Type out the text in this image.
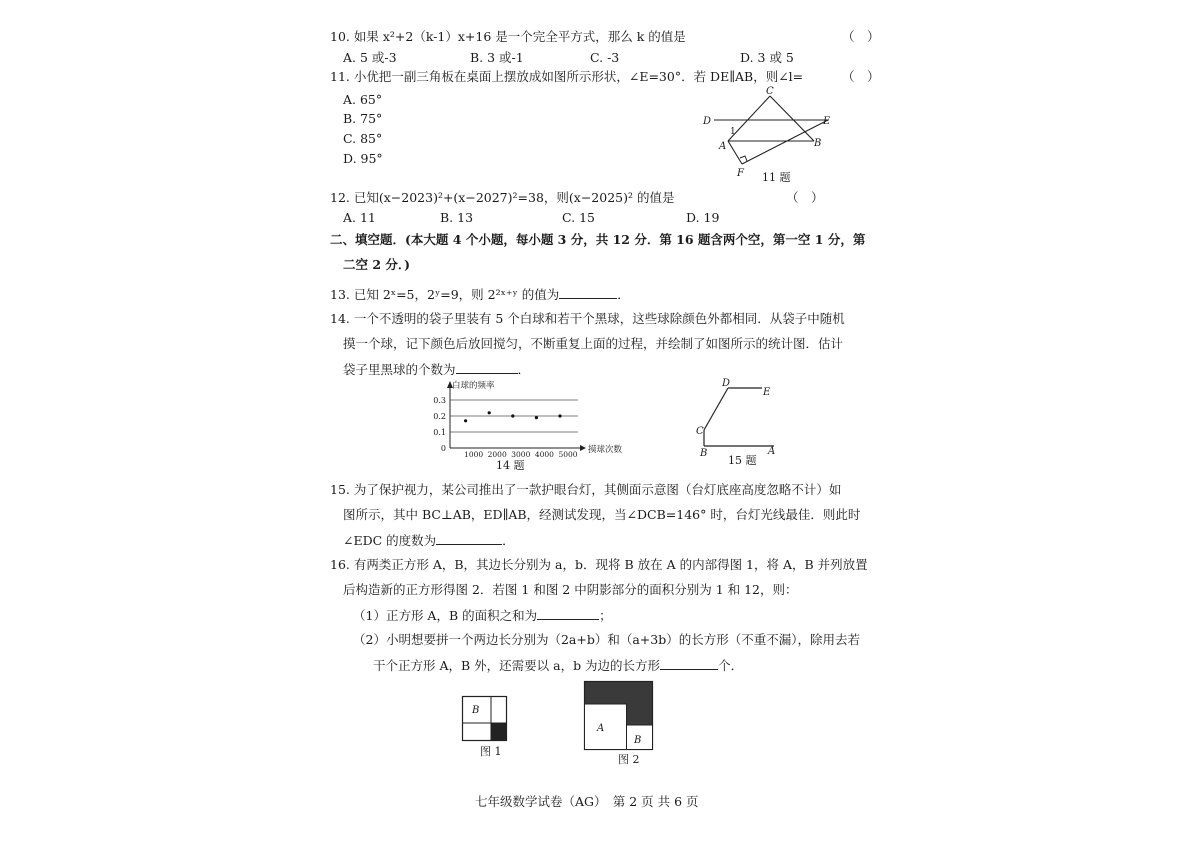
10. 如果 x²+2（k-1）x+16 是一个完全平方式，那么 k 的值是	（　）
A. 5 或-3	B. 3 或-1	C. -3	D. 3 或 5
11. 小优把一副三角板在桌面上摆放成如图所示形状，∠E=30°．若 DE∥AB，则∠l=	（　）
A. 65°
B. 75°
C. 85°
D. 95°
C
D	E
1
A	B
F 11 题
12. 已知(x−2023)²+(x−2027)²=38，则(x−2025)² 的值是	（　）
A. 11	B. 13	C. 15	D. 19
二、填空题．(本大题 4 个小题，每小题 3 分，共 12 分．第 16 题含两个空，第一空 1 分，第
二空 2 分．)
13. 已知 2ˣ=5，2ʸ=9，则 2²ˣ⁺ʸ 的值为	．
14. 一个不透明的袋子里装有 5 个白球和若干个黑球，这些球除颜色外都相同．从袋子中随机
摸一个球，记下颜色后放回搅匀，不断重复上面的过程，并绘制了如图所示的统计图．估计
袋子里黑球的个数为	．
0.3
0.2
0.1
0
1000 2000 3000 4000 5000
白球的频率
摸球次数
14 题
D
E
C
B	A
15 题
15. 为了保护视力，某公司推出了一款护眼台灯，其侧面示意图（台灯底座高度忽略不计）如
图所示，其中 BC⊥AB，ED∥AB，经测试发现，当∠DCB=146° 时，台灯光线最佳．则此时
∠EDC 的度数为	．
16. 有两类正方形 A，B，其边长分别为 a，b．现将 B 放在 A 的内部得图 1，将 A，B 并列放置
后构造新的正方形得图 2．若图 1 和图 2 中阴影部分的面积分别为 1 和 12，则：
（1）正方形 A，B 的面积之和为	；
（2）小明想要拼一个两边长分别为（2a+b）和（a+3b）的长方形（不重不漏），除用去若
干个正方形 A，B 外，还需要以 a，b 为边的长方形	个．
B
图 1
A
B
图 2
七年级数学试卷（AG）　第 2 页 共 6 页
